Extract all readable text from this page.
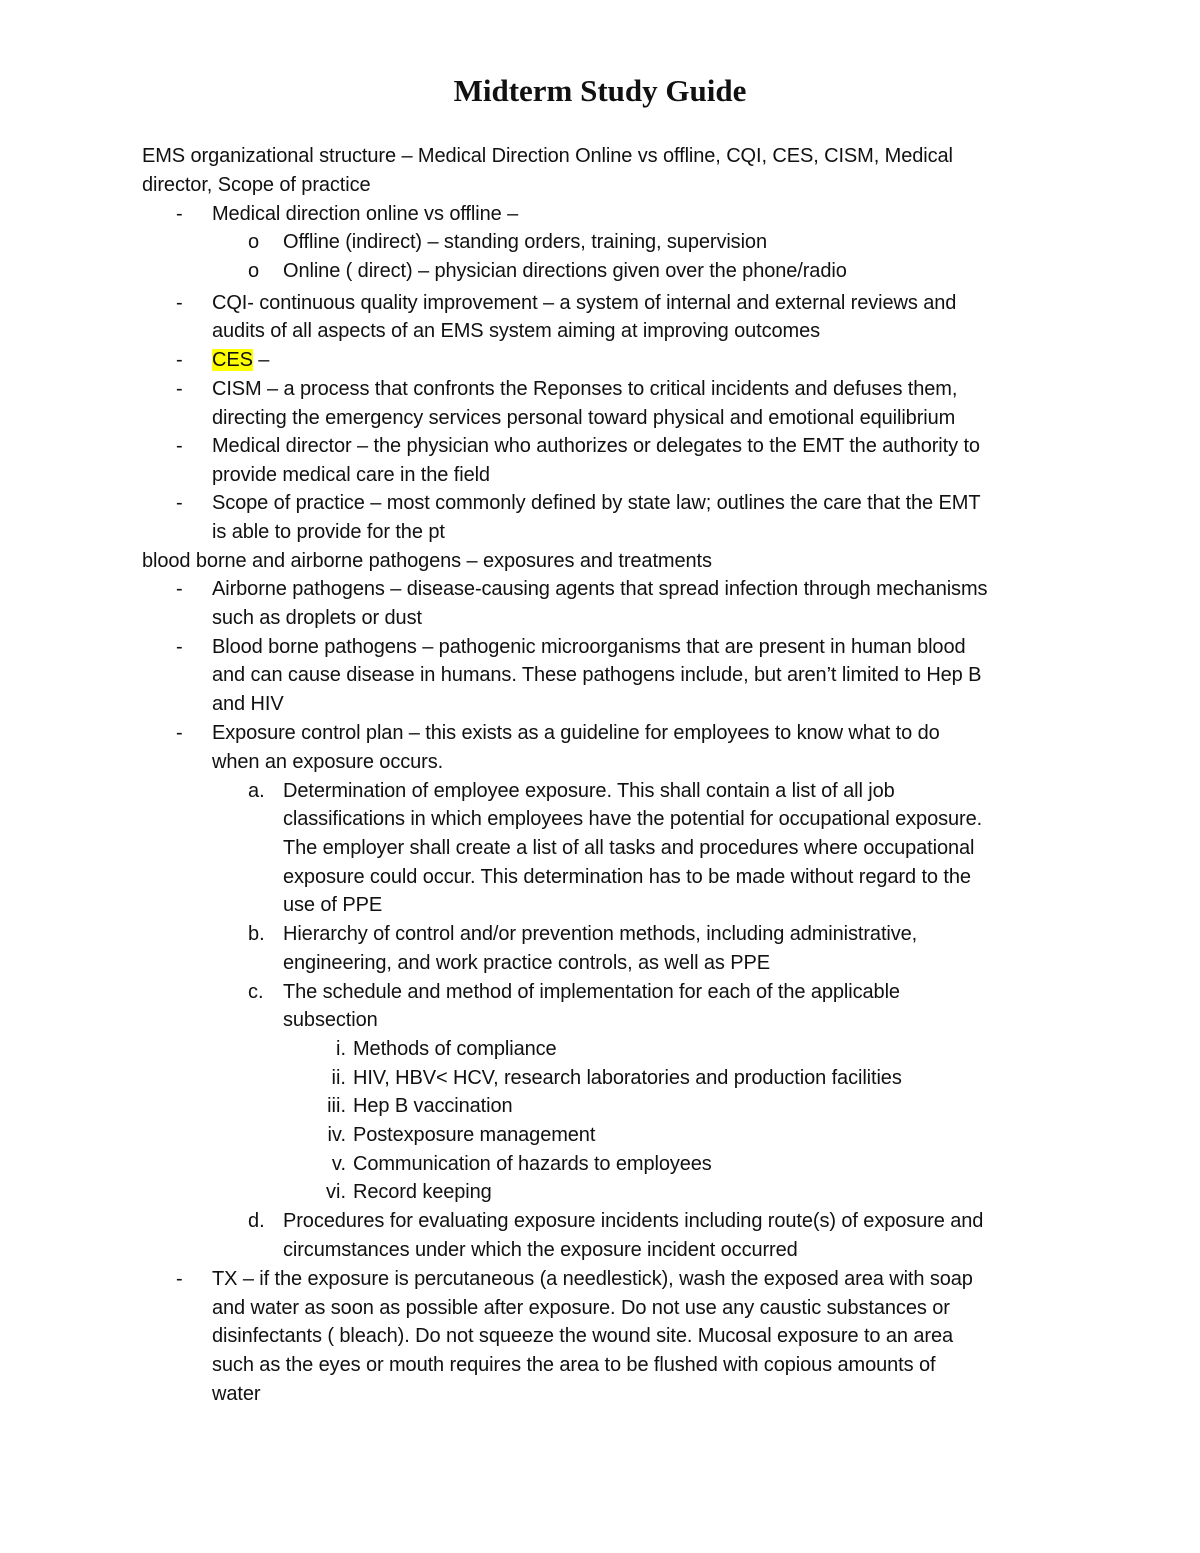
Midterm Study Guide
EMS organizational structure – Medical Direction Online vs offline, CQI, CES, CISM, Medical
director, Scope of practice
- Medical direction online vs offline –
o Offline (indirect) – standing orders, training, supervision
o Online ( direct) – physician directions given over the phone/radio
- CQI- continuous quality improvement – a system of internal and external reviews and
audits of all aspects of an EMS system aiming at improving outcomes
- CES –
- CISM – a process that confronts the Reponses to critical incidents and defuses them,
directing the emergency services personal toward physical and emotional equilibrium
- Medical director – the physician who authorizes or delegates to the EMT the authority to
provide medical care in the field
- Scope of practice – most commonly defined by state law; outlines the care that the EMT
is able to provide for the pt
blood borne and airborne pathogens – exposures and treatments
- Airborne pathogens – disease-causing agents that spread infection through mechanisms
such as droplets or dust
- Blood borne pathogens – pathogenic microorganisms that are present in human blood
and can cause disease in humans. These pathogens include, but aren’t limited to Hep B
and HIV
- Exposure control plan – this exists as a guideline for employees to know what to do
when an exposure occurs.
a. Determination of employee exposure. This shall contain a list of all job
classifications in which employees have the potential for occupational exposure.
The employer shall create a list of all tasks and procedures where occupational
exposure could occur. This determination has to be made without regard to the
use of PPE
b. Hierarchy of control and/or prevention methods, including administrative,
engineering, and work practice controls, as well as PPE
c. The schedule and method of implementation for each of the applicable
subsection
i. Methods of compliance
ii. HIV, HBV< HCV, research laboratories and production facilities
iii. Hep B vaccination
iv. Postexposure management
v. Communication of hazards to employees
vi. Record keeping
d. Procedures for evaluating exposure incidents including route(s) of exposure and
circumstances under which the exposure incident occurred
- TX – if the exposure is percutaneous (a needlestick), wash the exposed area with soap
and water as soon as possible after exposure. Do not use any caustic substances or
disinfectants ( bleach). Do not squeeze the wound site. Mucosal exposure to an area
such as the eyes or mouth requires the area to be flushed with copious amounts of
water
